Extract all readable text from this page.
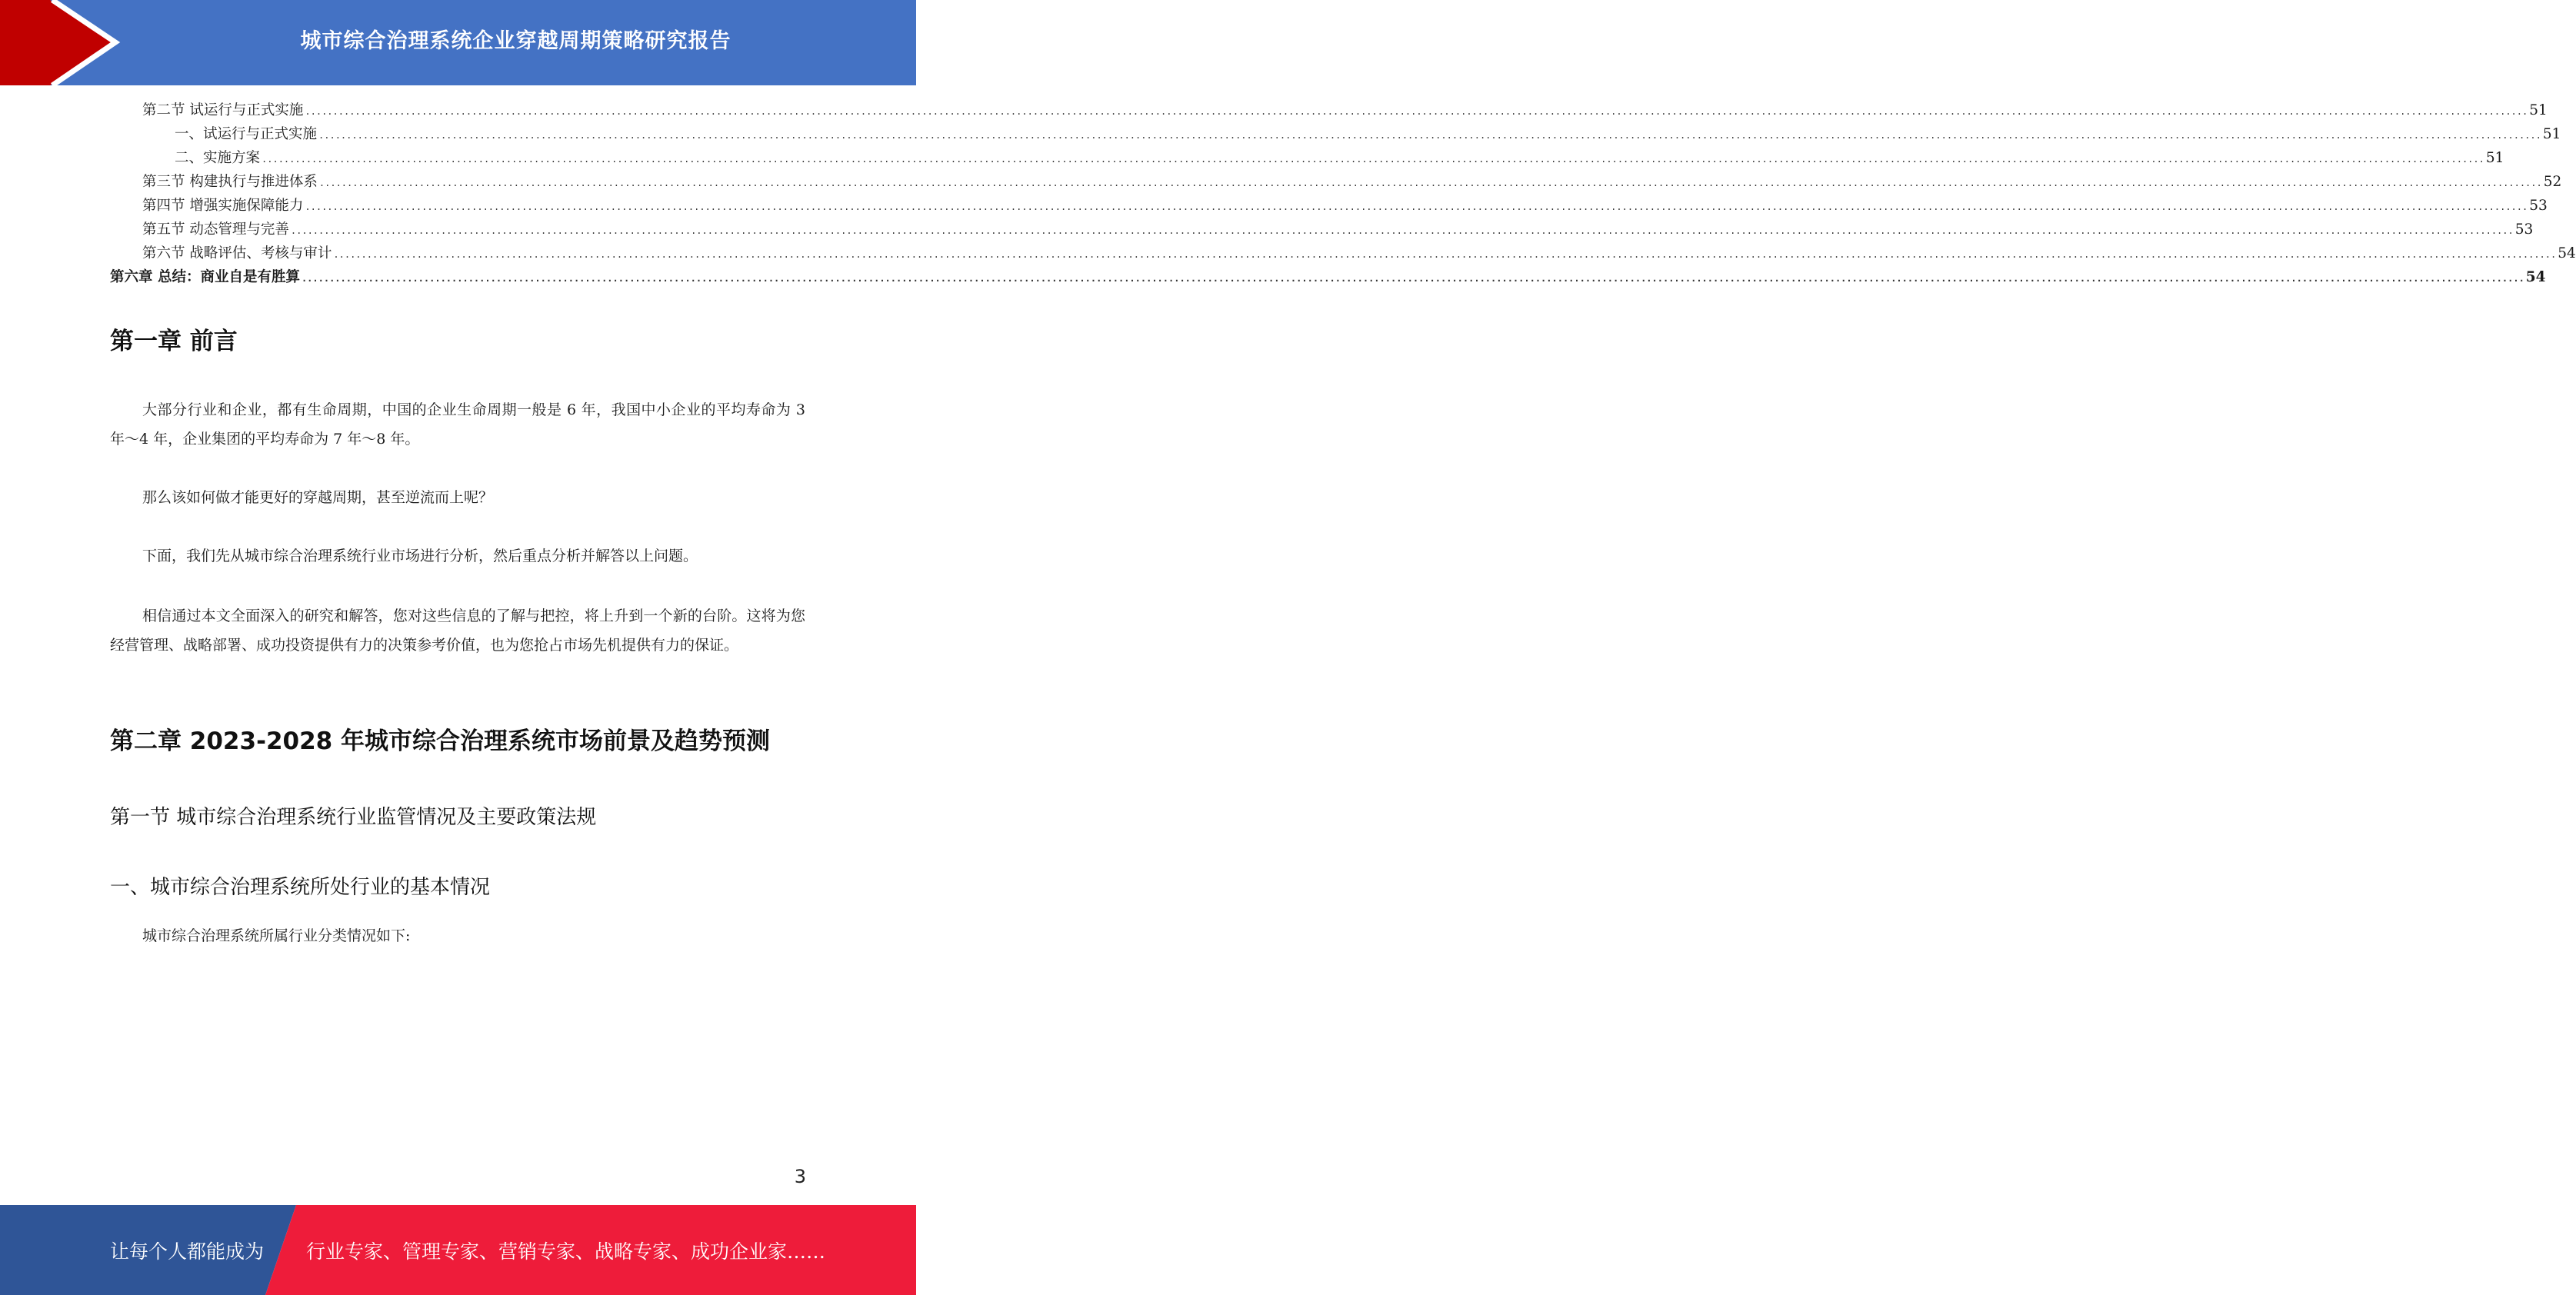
城市综合治理系统企业穿越周期策略研究报告
第二节 试运行与正式实施 ................................................................................................................................................................................................................................................................................................................................................................................................................ 51
一、试运行与正式实施 ................................................................................................................................................................................................................................................................................................................................................................................................................ 51
二、实施方案 ................................................................................................................................................................................................................................................................................................................................................................................................................ 51
第三节 构建执行与推进体系 ................................................................................................................................................................................................................................................................................................................................................................................................................ 52
第四节 增强实施保障能力 ................................................................................................................................................................................................................................................................................................................................................................................................................ 53
第五节 动态管理与完善 ................................................................................................................................................................................................................................................................................................................................................................................................................ 53
第六节 战略评估、考核与审计 ................................................................................................................................................................................................................................................................................................................................................................................................................ 54
第六章 总结：商业自是有胜算 ................................................................................................................................................................................................................................................................................................................................................................................................................ 54
第一章 前言

大部分行业和企业，都有生命周期，中国的企业生命周期一般是 6 年，我国中小企业的平均寿命为 3 年～4 年，企业集团的平均寿命为 7 年～8 年。

那么该如何做才能更好的穿越周期，甚至逆流而上呢？

下面，我们先从城市综合治理系统行业市场进行分析，然后重点分析并解答以上问题。

相信通过本文全面深入的研究和解答，您对这些信息的了解与把控，将上升到一个新的台阶。这将为您经营管理、战略部署、成功投资提供有力的决策参考价值，也为您抢占市场先机提供有力的保证。

第二章 2023-2028 年城市综合治理系统市场前景及趋势预测
第一节 城市综合治理系统行业监管情况及主要政策法规
一、城市综合治理系统所处行业的基本情况

城市综合治理系统所属行业分类情况如下:

3
让每个人都能成为 行业专家、管理专家、营销专家、战略专家、成功企业家……
